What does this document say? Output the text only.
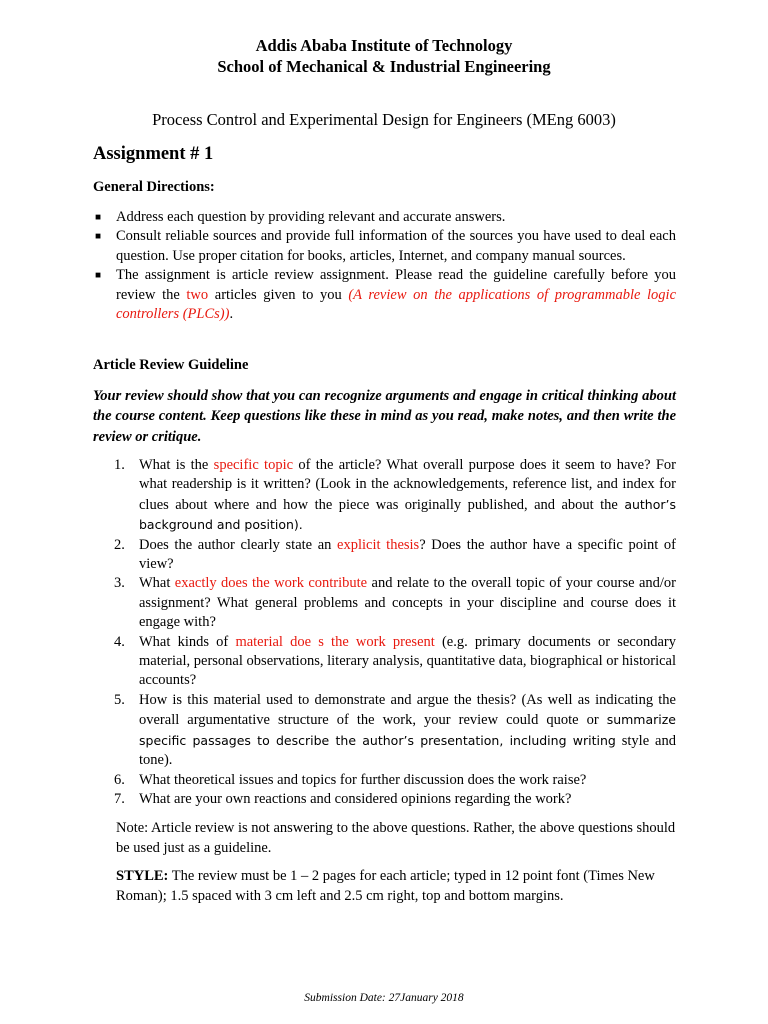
Addis Ababa Institute of Technology
School of Mechanical & Industrial Engineering
Process Control and Experimental Design for Engineers (MEng 6003)
Assignment # 1
General Directions:
■ Address each question by providing relevant and accurate answers.
■ Consult reliable sources and provide full information of the sources you have used to deal each question. Use proper citation for books, articles, Internet, and company manual sources.
■ The assignment is article review assignment. Please read the guideline carefully before you review the two articles given to you (A review on the applications of programmable logic controllers (PLCs)).
Article Review Guideline

Your review should show that you can recognize arguments and engage in critical thinking about the course content. Keep questions like these in mind as you read, make notes, and then write the review or critique.

1. What is the specific topic of the article? What overall purpose does it seem to have? For what readership is it written? (Look in the acknowledgements, reference list, and index for clues about where and how the piece was originally published, and about the author’s background and position).
2. Does the author clearly state an explicit thesis? Does the author have a specific point of view?
3. What exactly does the work contribute and relate to the overall topic of your course and/or assignment? What general problems and concepts in your discipline and course does it engage with?
4. What kinds of material doe s the work present (e.g. primary documents or secondary material, personal observations, literary analysis, quantitative data, biographical or historical accounts?
5. How is this material used to demonstrate and argue the thesis? (As well as indicating the overall argumentative structure of the work, your review could quote or summarize specific passages to describe the author’s presentation, including writing style and tone).
6. What theoretical issues and topics for further discussion does the work raise?
7. What are your own reactions and considered opinions regarding the work?

Note: Article review is not answering to the above questions. Rather, the above questions should be used just as a guideline.

STYLE: The review must be 1 – 2 pages for each article; typed in 12 point font (Times New Roman); 1.5 spaced with 3 cm left and 2.5 cm right, top and bottom margins.

Submission Date: 27January 2018
